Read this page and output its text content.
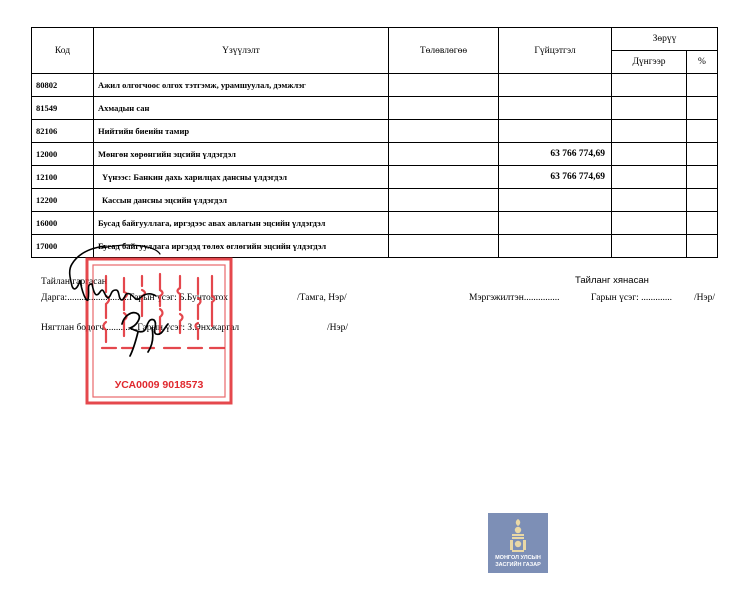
Код	Үзүүлэлт	Төлөвлөгөө	Гүйцэтгэл	Зөрүү	
				Дүнгээр	%
80802	Ажил олгогчоос олгох тэтгэмж, урамшуулал, дэмжлэг				
81549	Ахмадын сан				
82106	Нийтийн биеийн тамир				
12000	Мөнгөн хөрөнгийн эцсийн үлдэгдэл		63 766 774,69		
12100	Үүнээс: Банкин дахь харилцах дансны үлдэгдэл		63 766 774,69		
12200	Кассын дансны эцсийн үлдэгдэл				
16000	Бусад байгууллага, иргэдээс авах авлагын эцсийн үлдэгдэл				
17000	Бусад байгууллага иргэдэд төлөх өглөгийн эцсийн үлдэгдэл				
Тайлан гаргасан	Тайланг хянасан
Дарга:..........................Гарын үсэг: Б.Бунтогтох	/Тамга, Нэр/	Мэргэжилтэн...............	Гарын үсэг: ............. /Нэр/
Нягтлан бодогч..............Гарын үсэг: З.Энхжаргал	/Нэр/
УСА0009 9018573
МОНГОЛ УЛСЫН
ЗАСГИЙН ГАЗАР
